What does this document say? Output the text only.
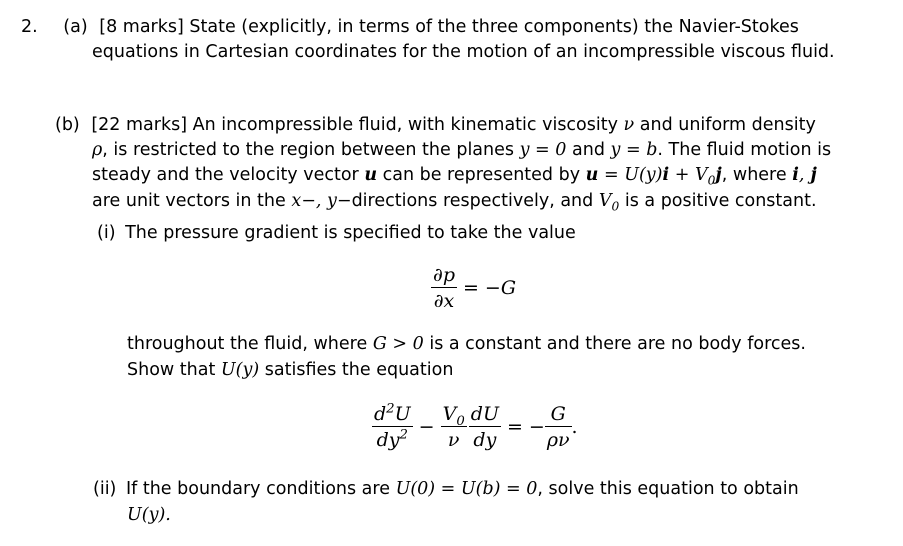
2. (a) [8 marks] State (explicitly, in terms of the three components) the Navier-Stokes
equations in Cartesian coordinates for the motion of an incompressible viscous fluid.
(b) [22 marks] An incompressible fluid, with kinematic viscosity ν and uniform density
ρ, is restricted to the region between the planes y = 0 and y = b. The fluid motion is
steady and the velocity vector u can be represented by $u = U(y)i + V_0j$, where i, j
are unit vectors in the x−, y−directions respectively, and $V_0$ is a positive constant.
(i) The pressure gradient is specified to take the value
$\frac{\partial p}{\partial x} = -G$
throughout the fluid, where G > 0 is a constant and there are no body forces.
Show that U(y) satisfies the equation
$\frac{d^2U}{dy^2} - \frac{V_0}{\nu} \frac{dU}{dy}$ = − $\frac{G}{\rho\nu}$ .
(ii) If the boundary conditions are U(0) = U(b) = 0, solve this equation to obtain
U(y).
